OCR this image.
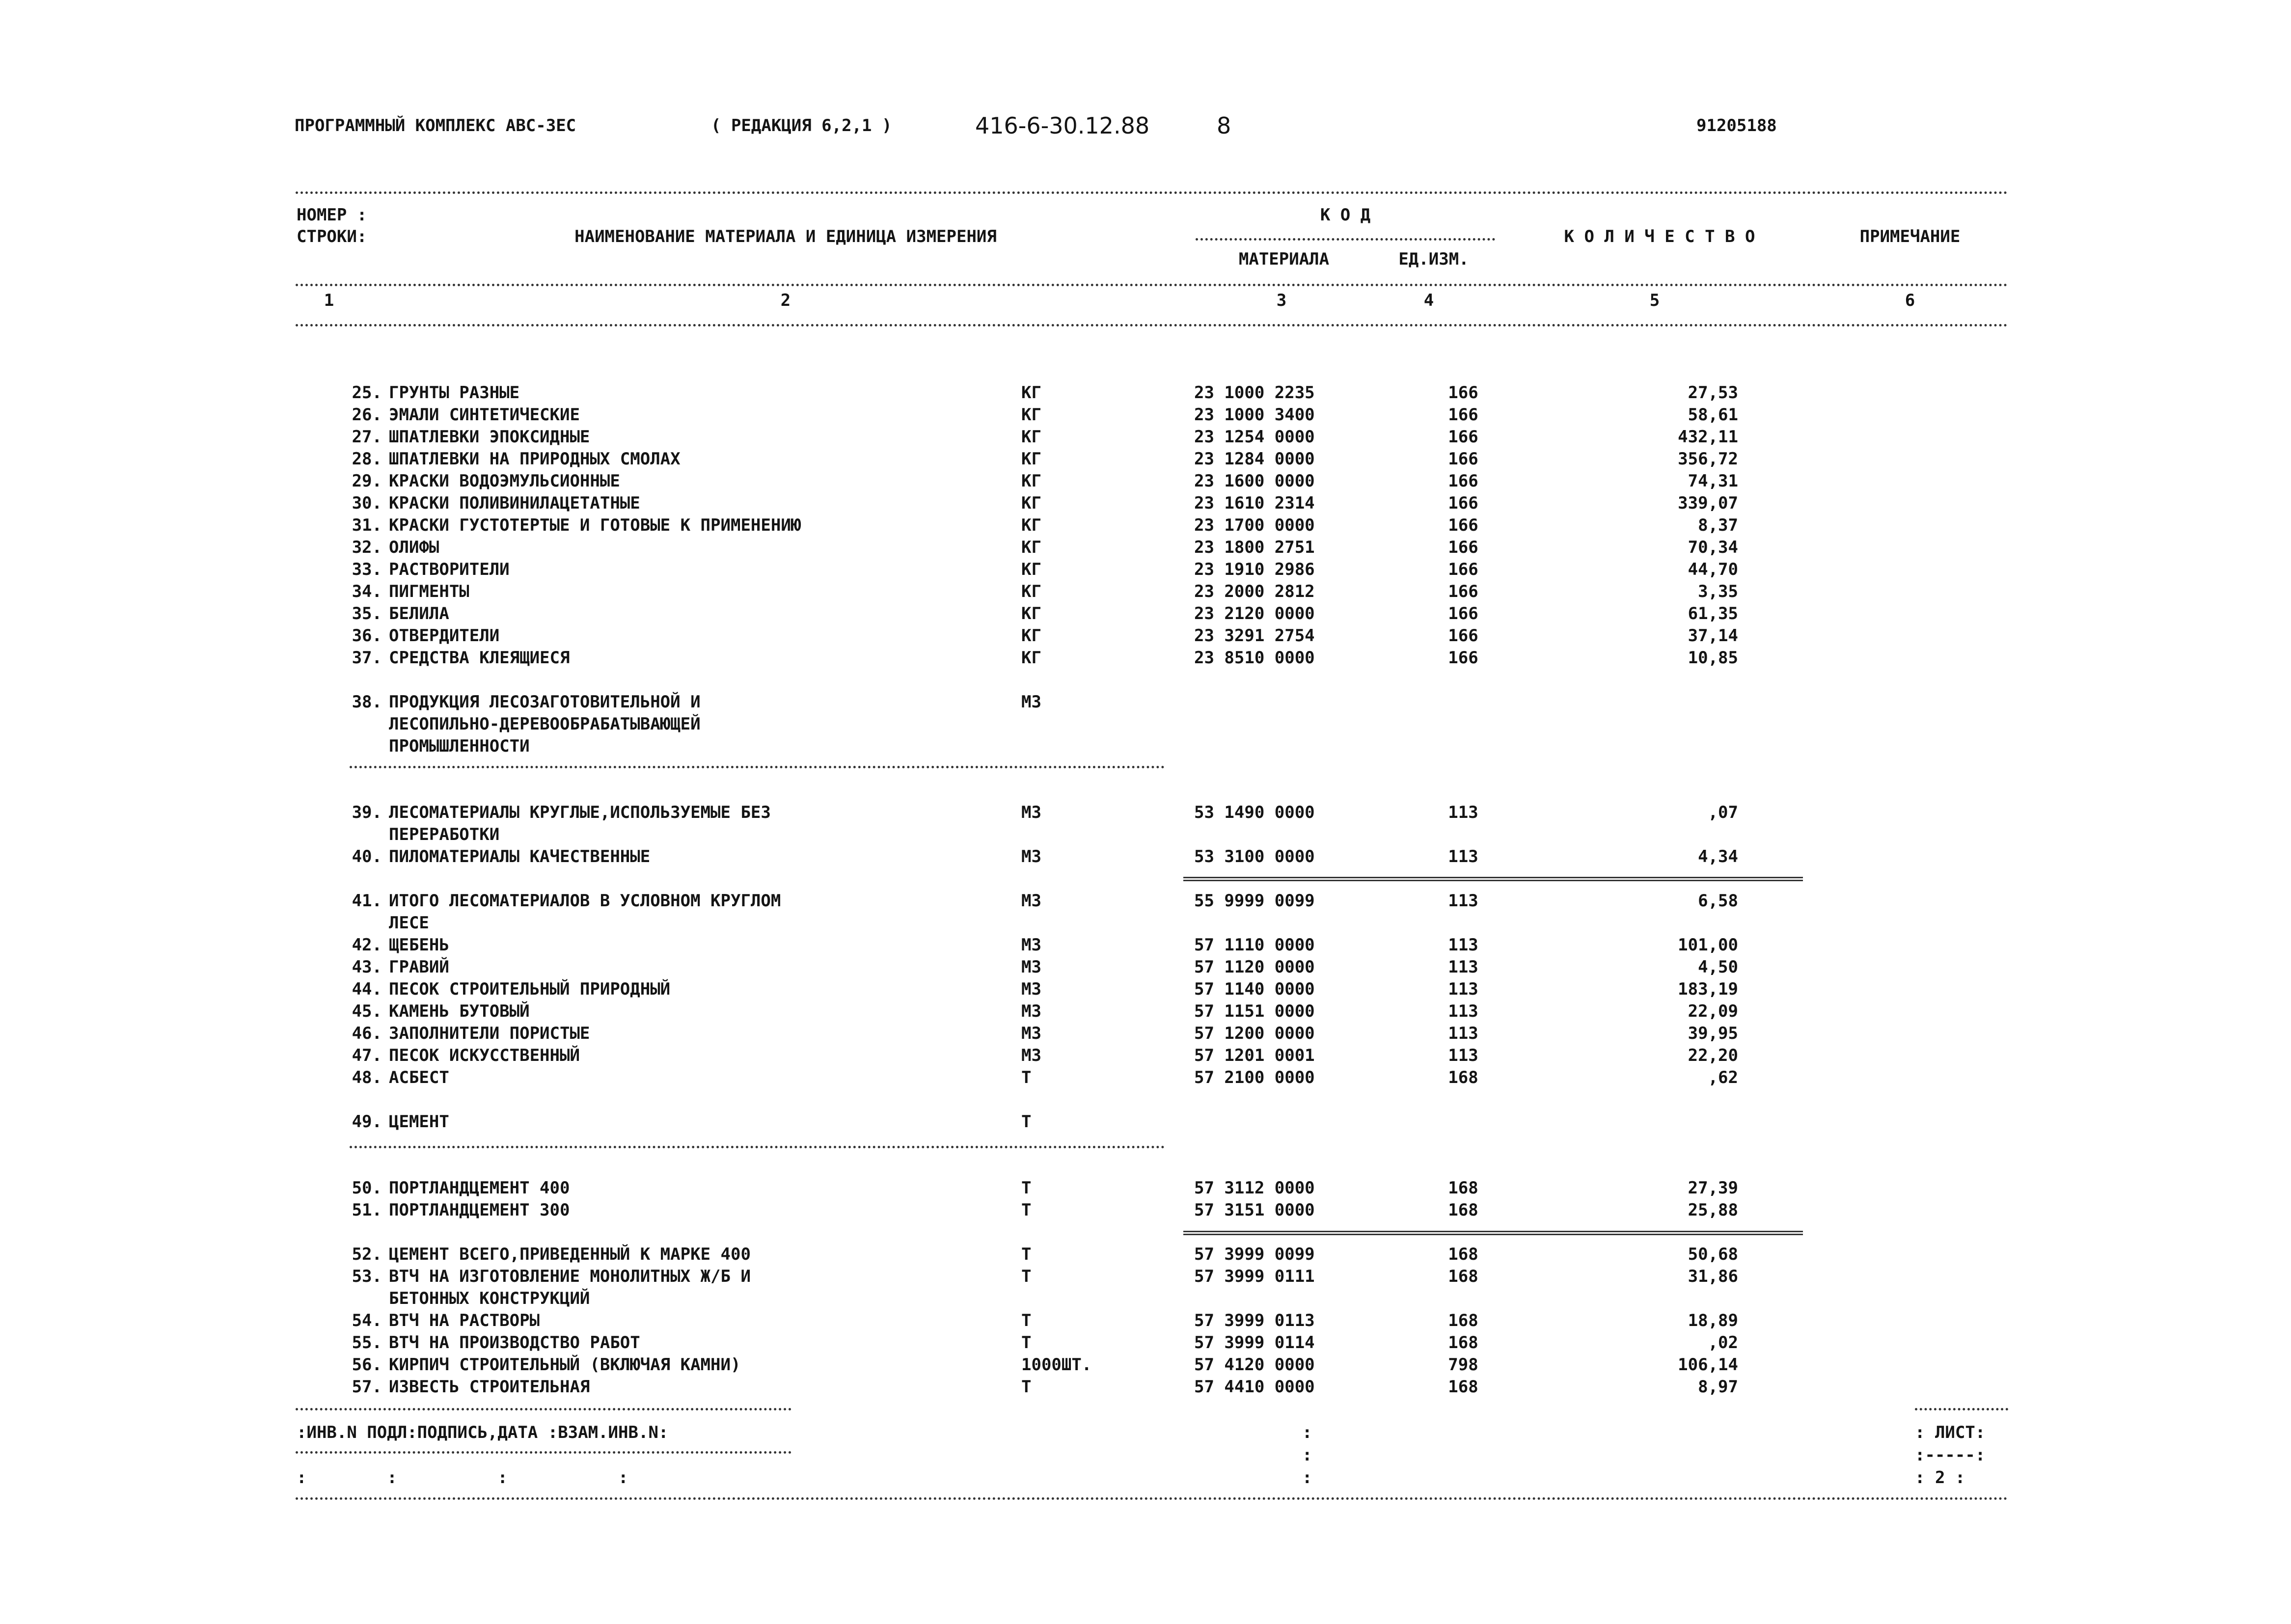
ПРОГРАММНЫЙ КОМПЛЕКС АВС-3ЕС	( РЕДАКЦИЯ 6,2,1 )	416-6-30.12.88	8	91205188
НОМЕР :
СТРОКИ:	НАИМЕНОВАНИЕ МАТЕРИАЛА И ЕДИНИЦА ИЗМЕРЕНИЯ
К О Д
МАТЕРИАЛА	ЕД.ИЗМ.
К О Л И Ч Е С Т В О	ПРИМЕЧАНИЕ
1	2	3	4	5	6
25. ГРУНТЫ РАЗНЫЕ	КГ	23 1000 2235	166	27,53
26. ЭМАЛИ СИНТЕТИЧЕСКИЕ	КГ	23 1000 3400	166	58,61
27. ШПАТЛЕВКИ ЭПОКСИДНЫЕ	КГ	23 1254 0000	166	432,11
28. ШПАТЛЕВКИ НА ПРИРОДНЫХ СМОЛАХ	КГ	23 1284 0000	166	356,72
29. КРАСКИ ВОДОЭМУЛЬСИОННЫЕ	КГ	23 1600 0000	166	74,31
30. КРАСКИ ПОЛИВИНИЛАЦЕТАТНЫЕ	КГ	23 1610 2314	166	339,07
31. КРАСКИ ГУСТОТЕРТЫЕ И ГОТОВЫЕ К ПРИМЕНЕНИЮ	КГ	23 1700 0000	166	8,37
32. ОЛИФЫ	КГ	23 1800 2751	166	70,34
33. РАСТВОРИТЕЛИ	КГ	23 1910 2986	166	44,70
34. ПИГМЕНТЫ	КГ	23 2000 2812	166	3,35
35. БЕЛИЛА	КГ	23 2120 0000	166	61,35
36. ОТВЕРДИТЕЛИ	КГ	23 3291 2754	166	37,14
37. СРЕДСТВА КЛЕЯЩИЕСЯ	КГ	23 8510 0000	166	10,85
38. ПРОДУКЦИЯ ЛЕСОЗАГОТОВИТЕЛЬНОЙ И	М3
ЛЕСОПИЛЬНО-ДЕРЕВООБРАБАТЫВАЮЩЕЙ
ПРОМЫШЛЕННОСТИ
39. ЛЕСОМАТЕРИАЛЫ КРУГЛЫЕ,ИСПОЛЬЗУЕМЫЕ БЕЗ	М3	53 1490 0000	113	,07
ПЕРЕРАБОТКИ
40. ПИЛОМАТЕРИАЛЫ КАЧЕСТВЕННЫЕ	М3	53 3100 0000	113	4,34
41. ИТОГО ЛЕСОМАТЕРИАЛОВ В УСЛОВНОМ КРУГЛОМ	М3	55 9999 0099	113	6,58
ЛЕСЕ
42. ЩЕБЕНЬ	М3	57 1110 0000	113	101,00
43. ГРАВИЙ	М3	57 1120 0000	113	4,50
44. ПЕСОК СТРОИТЕЛЬНЫЙ ПРИРОДНЫЙ	М3	57 1140 0000	113	183,19
45. КАМЕНЬ БУТОВЫЙ	М3	57 1151 0000	113	22,09
46. ЗАПОЛНИТЕЛИ ПОРИСТЫЕ	М3	57 1200 0000	113	39,95
47. ПЕСОК ИСКУССТВЕННЫЙ	М3	57 1201 0001	113	22,20
48. АСБЕСТ	Т	57 2100 0000	168	,62
49. ЦЕМЕНТ	Т
50. ПОРТЛАНДЦЕМЕНТ 400	Т	57 3112 0000	168	27,39
51. ПОРТЛАНДЦЕМЕНТ 300	Т	57 3151 0000	168	25,88
52. ЦЕМЕНТ ВСЕГО,ПРИВЕДЕННЫЙ К МАРКЕ 400	Т	57 3999 0099	168	50,68
53. ВТЧ НА ИЗГОТОВЛЕНИЕ МОНОЛИТНЫХ Ж/Б И	Т	57 3999 0111	168	31,86
БЕТОННЫХ КОНСТРУКЦИЙ
54. ВТЧ НА РАСТВОРЫ	Т	57 3999 0113	168	18,89
55. ВТЧ НА ПРОИЗВОДСТВО РАБОТ	Т	57 3999 0114	168	,02
56. КИРПИЧ СТРОИТЕЛЬНЫЙ (ВКЛЮЧАЯ КАМНИ)	1000ШТ.	57 4120 0000	798	106,14
57. ИЗВЕСТЬ СТРОИТЕЛЬНАЯ	Т	57 4410 0000	168	8,97
:ИНВ.N ПОДЛ:ПОДПИСЬ,ДАТА :ВЗАМ.ИНВ.N:	:	: ЛИСТ:
:	:-----:
:        :          :           :	:	: 2 :
